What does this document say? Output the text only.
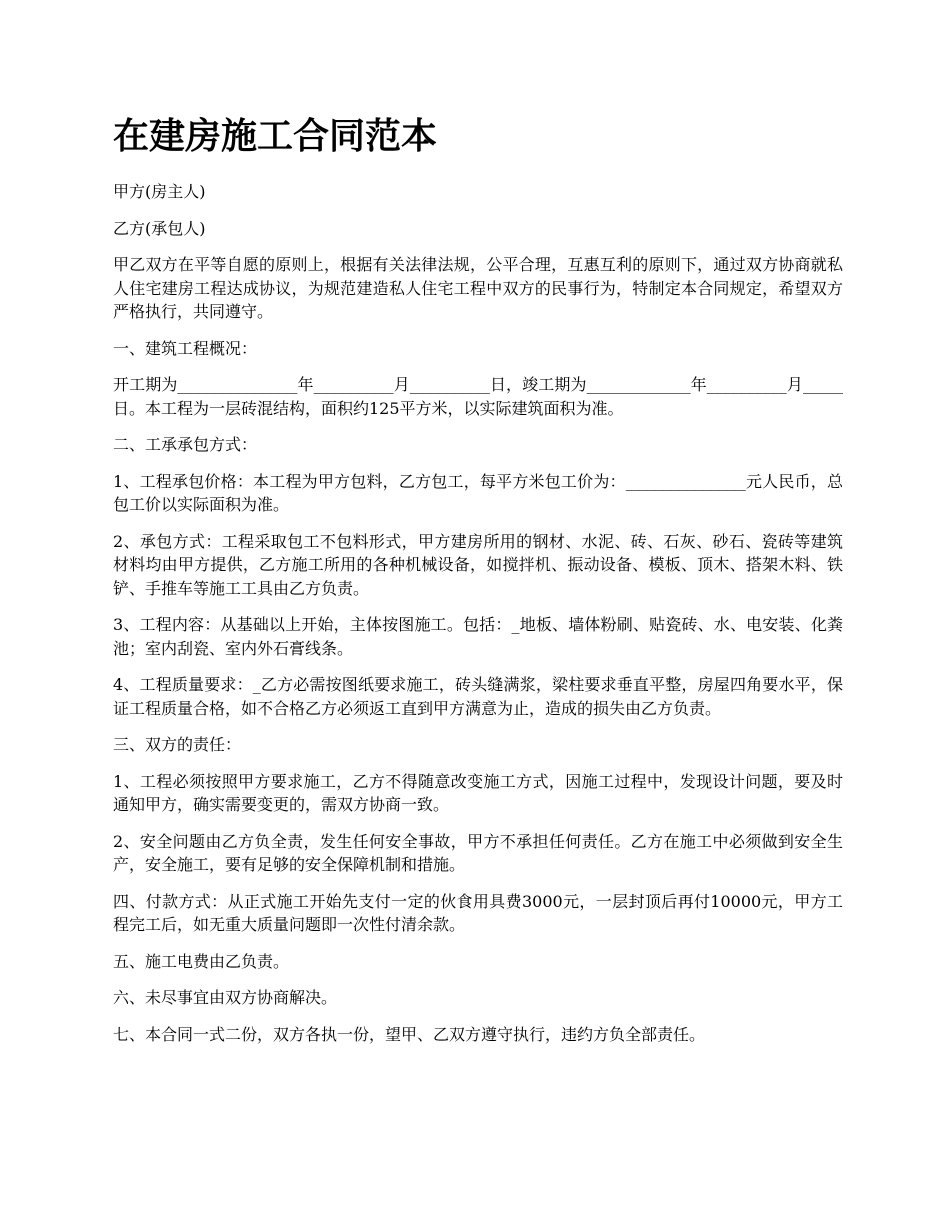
在建房施工合同范本

甲方(房主人)

乙方(承包人)

甲乙双方在平等自愿的原则上，根据有关法律法规，公平合理，互惠互利的原则下，通过双方协商就私人住宅建房工程达成协议，为规范建造私人住宅工程中双方的民事行为，特制定本合同规定，希望双方严格执行，共同遵守。

一、建筑工程概况：

开工期为_______________年__________月__________日，竣工期为_____________年__________月_____日。本工程为一层砖混结构，面积约125平方米，以实际建筑面积为准。

二、工承承包方式：

1、工程承包价格：本工程为甲方包料，乙方包工，每平方米包工价为：_______________元人民币，总包工价以实际面积为准。

2、承包方式：工程采取包工不包料形式，甲方建房所用的钢材、水泥、砖、石灰、砂石、瓷砖等建筑材料均由甲方提供，乙方施工所用的各种机械设备，如搅拌机、振动设备、模板、顶木、搭架木料、铁铲、手推车等施工工具由乙方负责。

3、工程内容：从基础以上开始，主体按图施工。包括：_地板、墙体粉刷、贴瓷砖、水、电安装、化粪池；室内刮瓷、室内外石膏线条。

4、工程质量要求：_乙方必需按图纸要求施工，砖头缝满浆，梁柱要求垂直平整，房屋四角要水平，保证工程质量合格，如不合格乙方必须返工直到甲方满意为止，造成的损失由乙方负责。

三、双方的责任：

1、工程必须按照甲方要求施工，乙方不得随意改变施工方式，因施工过程中，发现设计问题，要及时通知甲方，确实需要变更的，需双方协商一致。

2、安全问题由乙方负全责，发生任何安全事故，甲方不承担任何责任。乙方在施工中必须做到安全生产，安全施工，要有足够的安全保障机制和措施。

四、付款方式：从正式施工开始先支付一定的伙食用具费3000元，一层封顶后再付10000元，甲方工程完工后，如无重大质量问题即一次性付清余款。

五、施工电费由乙负责。

六、未尽事宜由双方协商解决。

七、本合同一式二份，双方各执一份，望甲、乙双方遵守执行，违约方负全部责任。
